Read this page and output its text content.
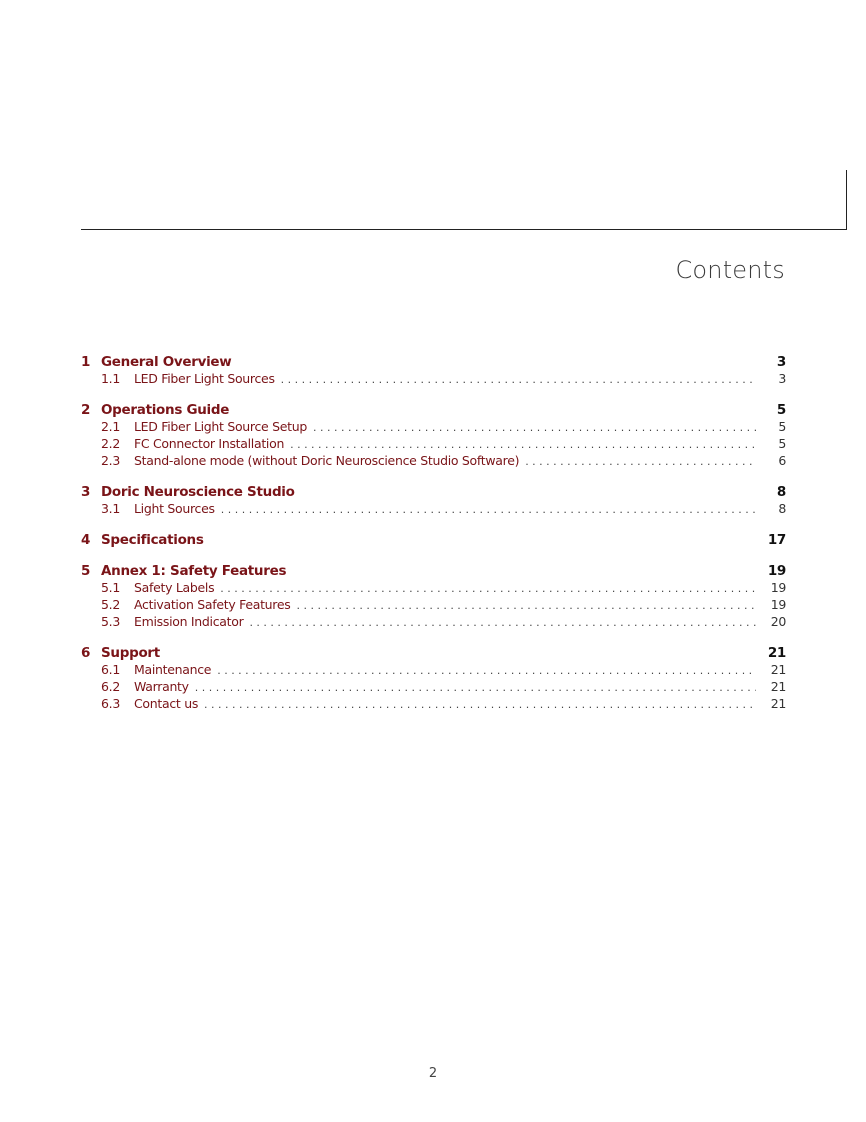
Contents
1 General Overview	3
1.1	LED Fiber Light Sources . . .	3
2 Operations Guide	5
2.1	LED Fiber Light Source Setup . . .	5
2.2	FC Connector Installation . . .	5
2.3	Stand-alone mode (without Doric Neuroscience Studio Software) . . .	6
3 Doric Neuroscience Studio	8
3.1	Light Sources . . .	8
4 Specifications	17
5 Annex 1: Safety Features	19
5.1	Safety Labels . . .	19
5.2	Activation Safety Features . . .	19
5.3	Emission Indicator . . .	20
6 Support	21
6.1	Maintenance . . .	21
6.2	Warranty . . .	21
6.3	Contact us . . .	21
2
